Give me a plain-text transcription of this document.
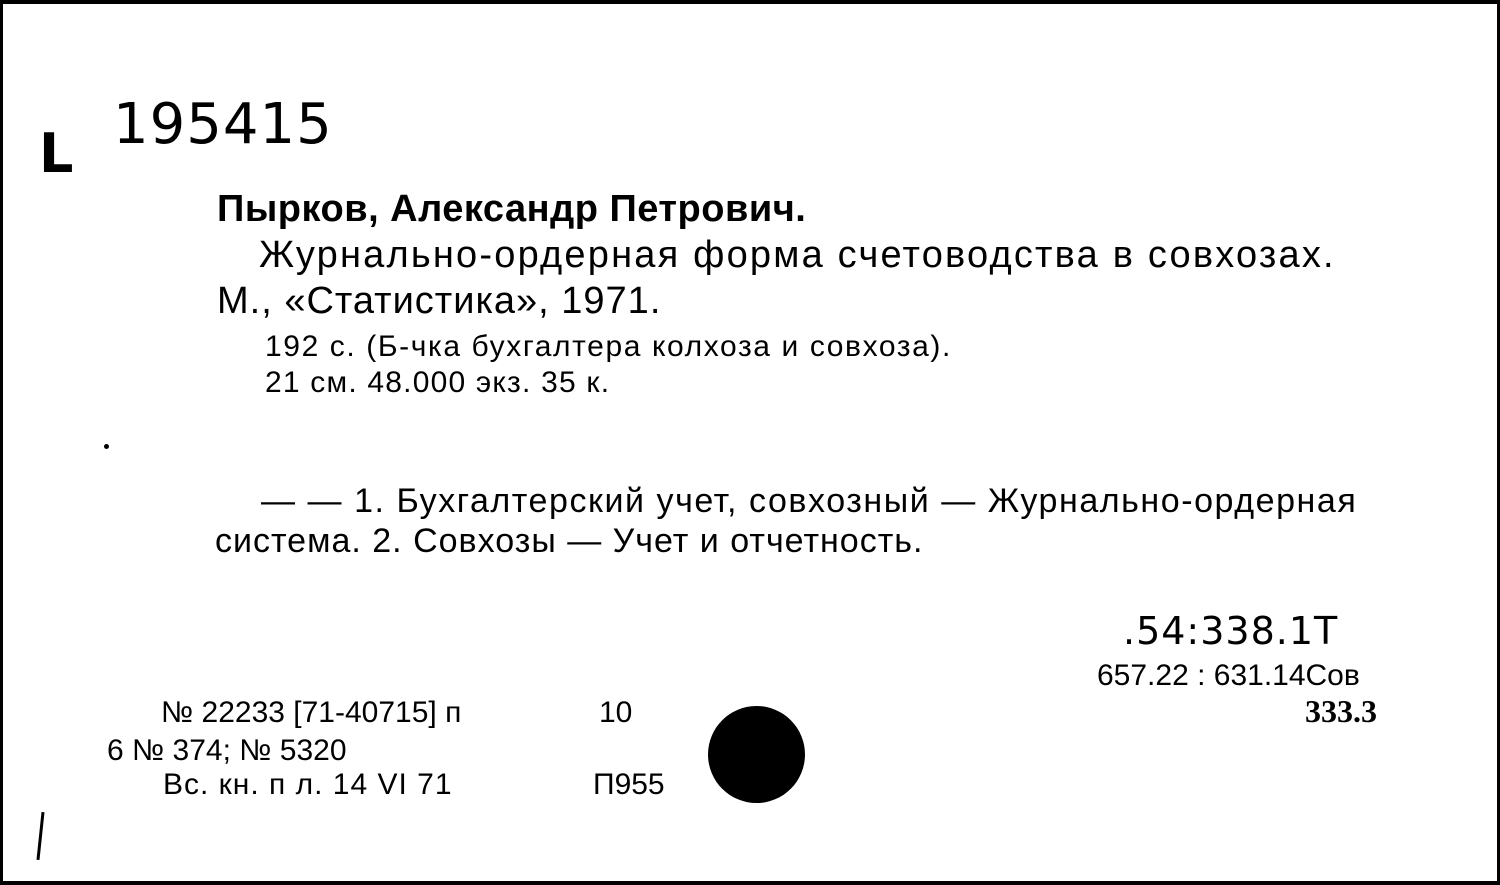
L 195415
Пырков, Александр Петрович.
Журнально-ордерная форма счетоводства в совхозах.
М., «Статистика», 1971.
192 с. (Б-чка бухгалтера колхоза и совхоза).
21 см. 48.000 экз. 35 к.
— — 1. Бухгалтерский учет, совхозный — Журнально-ордерная
система. 2. Совхозы — Учет и отчетность.
.54:338.1Т
657.22 : 631.14Сов
333.3
№ 22233 [71-40715] п	10
6 № 374; № 5320
Вс. кн. п л. 14 VI 71	П955
